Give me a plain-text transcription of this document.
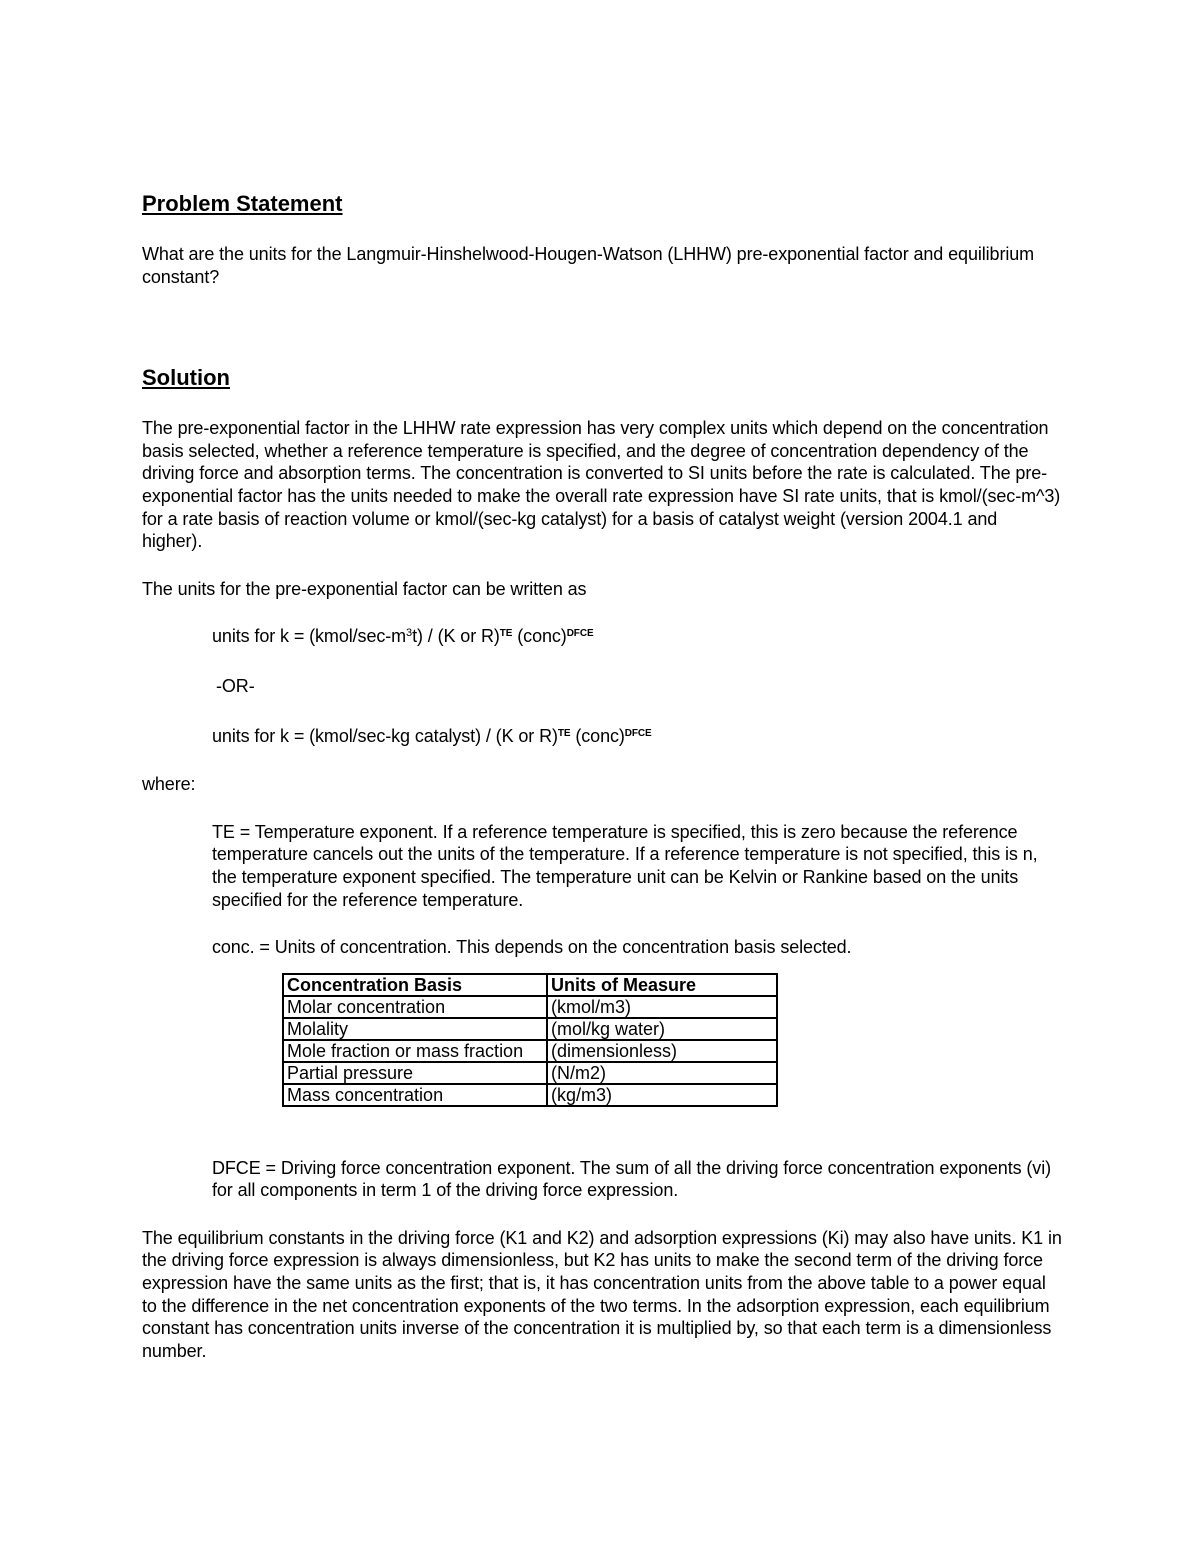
Problem Statement

What are the units for the Langmuir-Hinshelwood-Hougen-Watson (LHHW) pre-exponential factor and equilibrium constant?

Solution

The pre-exponential factor in the LHHW rate expression has very complex units which depend on the concentration basis selected, whether a reference temperature is specified, and the degree of concentration dependency of the driving force and absorption terms. The concentration is converted to SI units before the rate is calculated. The pre-exponential factor has the units needed to make the overall rate expression have SI rate units, that is kmol/(sec-m^3) for a rate basis of reaction volume or kmol/(sec-kg catalyst) for a basis of catalyst weight (version 2004.1 and higher).

The units for the pre-exponential factor can be written as

units for $k = (kmol/\sec-m^3t) / (K$ or R)$^{TE}$ (conc)$^{DFCE}$

-OR-

units for k = (kmol/sec-kg catalyst) / (K or R)$^{TE}$ (conc)$^{DFCE}$

where:

TE = Temperature exponent. If a reference temperature is specified, this is zero because the reference temperature cancels out the units of the temperature. If a reference temperature is not specified, this is n, the temperature exponent specified. The temperature unit can be Kelvin or Rankine based on the units specified for the reference temperature.

conc. = Units of concentration. This depends on the concentration basis selected.

Concentration Basis	Units of Measure
Molar concentration	(kmol/m3)
Molality	(mol/kg water)
Mole fraction or mass fraction	(dimensionless)
Partial pressure	(N/m2)
Mass concentration	(kg/m3)

DFCE = Driving force concentration exponent. The sum of all the driving force concentration exponents (vi) for all components in term 1 of the driving force expression.

The equilibrium constants in the driving force (K1 and K2) and adsorption expressions (Ki) may also have units. K1 in the driving force expression is always dimensionless, but K2 has units to make the second term of the driving force expression have the same units as the first; that is, it has concentration units from the above table to a power equal to the difference in the net concentration exponents of the two terms. In the adsorption expression, each equilibrium constant has concentration units inverse of the concentration it is multiplied by, so that each term is a dimensionless number.
